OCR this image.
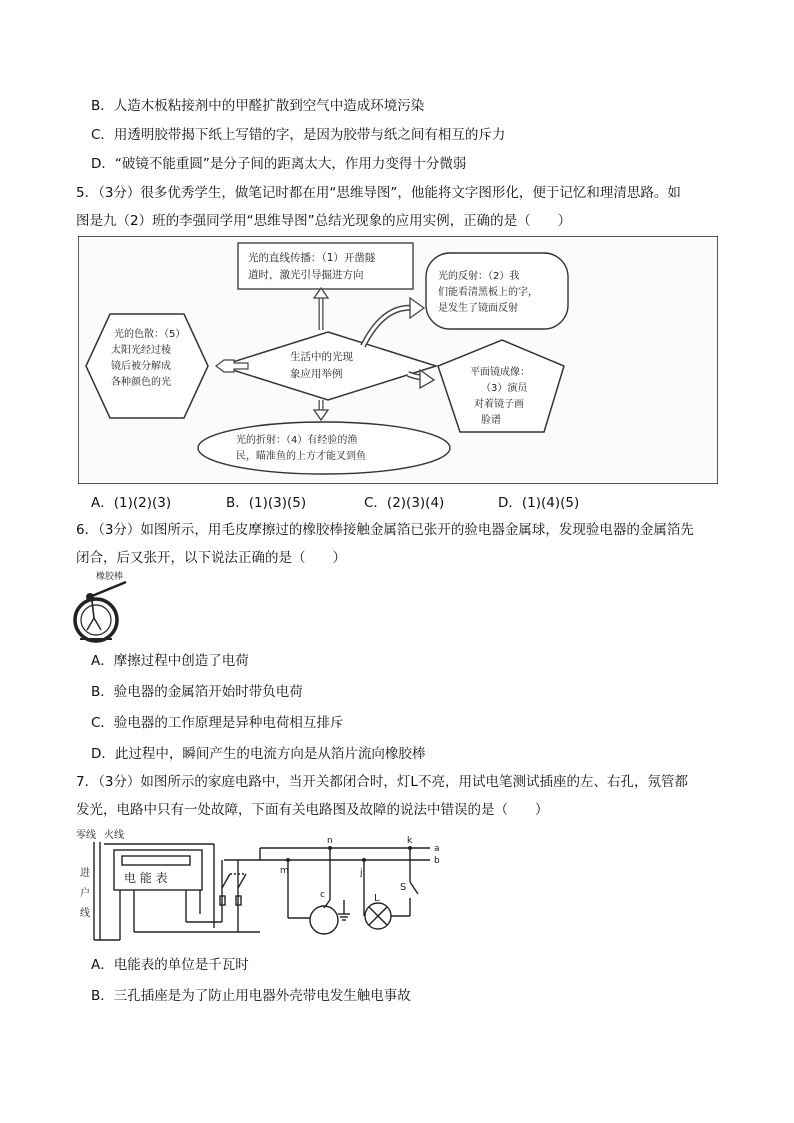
B．人造木板粘接剂中的甲醛扩散到空气中造成环境污染
C．用透明胶带揭下纸上写错的字，是因为胶带与纸之间有相互的斥力
D．“破镜不能重圆”是分子间的距离太大，作用力变得十分微弱
5．（3分）很多优秀学生，做笔记时都在用“思维导图”，他能将文字图形化，便于记忆和理清思路。如
图是九（2）班的李强同学用“思维导图”总结光现象的应用实例，正确的是（　　）
光的直线传播：（1）开凿隧
道时，激光引导掘进方向
生活中的光现
象应用举例
光的色散：（5）
太阳光经过棱
镜后被分解成
各种颜色的光
光的反射：（2）我
们能看清黑板上的字，
是发生了镜面反射
平面镜成像：
（3）演员
对着镜子画
脸谱
光的折射：（4）有经验的渔
民，瞄准鱼的上方才能叉到鱼
A．(1)(2)(3)	B．(1)(3)(5)	C．(2)(3)(4)	D．(1)(4)(5)
6．（3分）如图所示，用毛皮摩擦过的橡胶棒接触金属箔已张开的验电器金属球，发现验电器的金属箔先
闭合，后又张开，以下说法正确的是（　　）
橡胶棒
A．摩擦过程中创造了电荷
B．验电器的金属箔开始时带负电荷
C．验电器的工作原理是异种电荷相互排斥
D．此过程中，瞬间产生的电流方向是从箔片流向橡胶棒
7．（3分）如图所示的家庭电路中，当开关都闭合时，灯L不亮，用试电笔测试插座的左、右孔，氖管都
发光，电路中只有一处故障，下面有关电路图及故障的说法中错误的是（　　）
零线 火线
进
户
线
电 能 表
n	k
a
b
m	j
c
S
L
A．电能表的单位是千瓦时
B．三孔插座是为了防止用电器外壳带电发生触电事故
